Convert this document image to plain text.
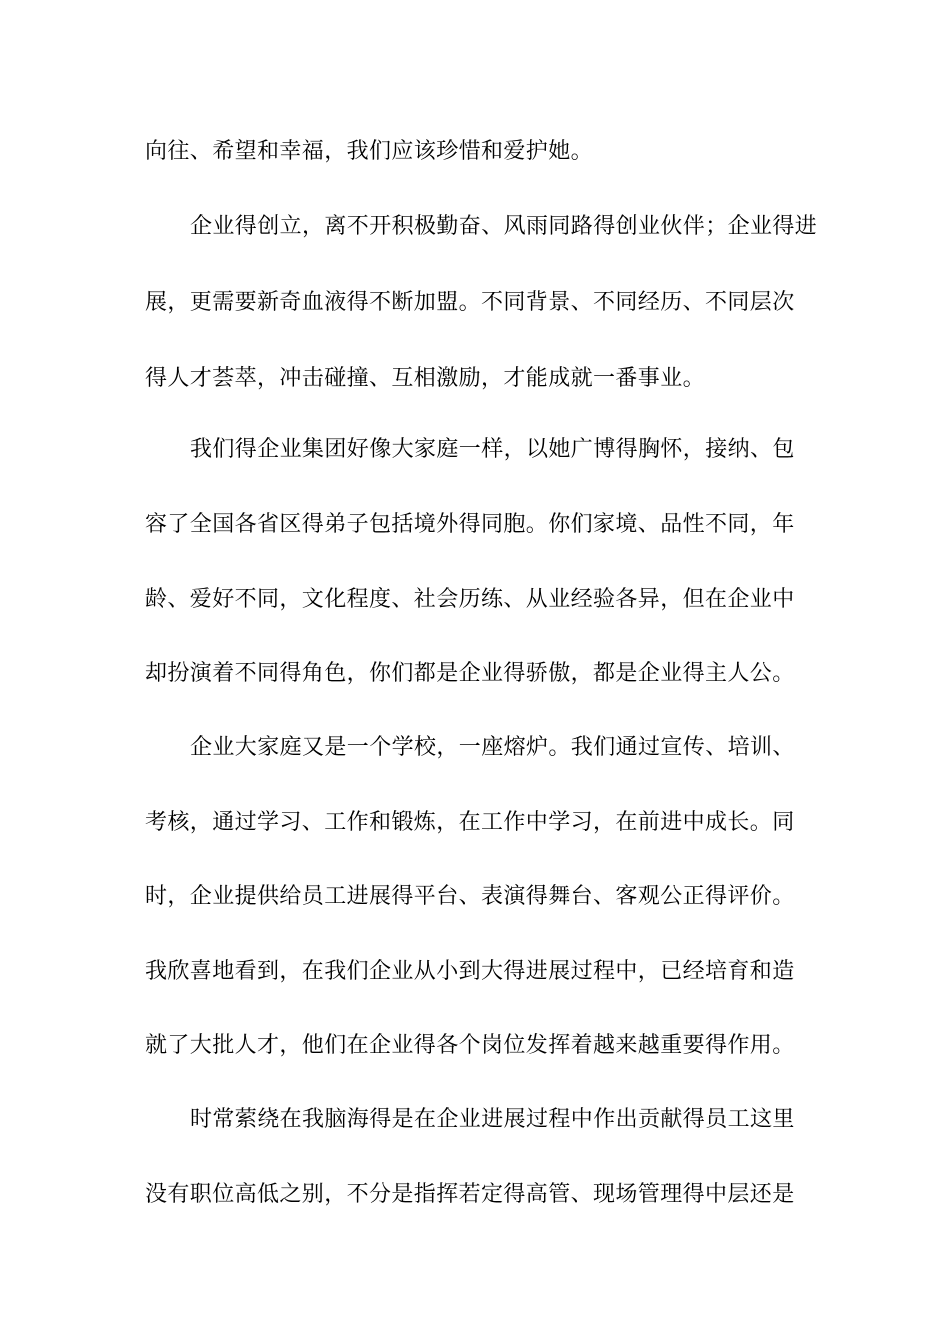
向往、希望和幸福，我们应该珍惜和爱护她。
企业得创立，离不开积极勤奋、风雨同路得创业伙伴；企业得进
展，更需要新奇血液得不断加盟。不同背景、不同经历、不同层次
得人才荟萃，冲击碰撞、互相激励，才能成就一番事业。
我们得企业集团好像大家庭一样，以她广博得胸怀，接纳、包
容了全国各省区得弟子包括境外得同胞。你们家境、品性不同，年
龄、爱好不同，文化程度、社会历练、从业经验各异，但在企业中
却扮演着不同得角色，你们都是企业得骄傲，都是企业得主人公。
企业大家庭又是一个学校，一座熔炉。我们通过宣传、培训、
考核，通过学习、工作和锻炼，在工作中学习，在前进中成长。同
时，企业提供给员工进展得平台、表演得舞台、客观公正得评价。
我欣喜地看到，在我们企业从小到大得进展过程中，已经培育和造
就了大批人才，他们在企业得各个岗位发挥着越来越重要得作用。
时常萦绕在我脑海得是在企业进展过程中作出贡献得员工这里
没有职位高低之别，不分是指挥若定得高管、现场管理得中层还是
